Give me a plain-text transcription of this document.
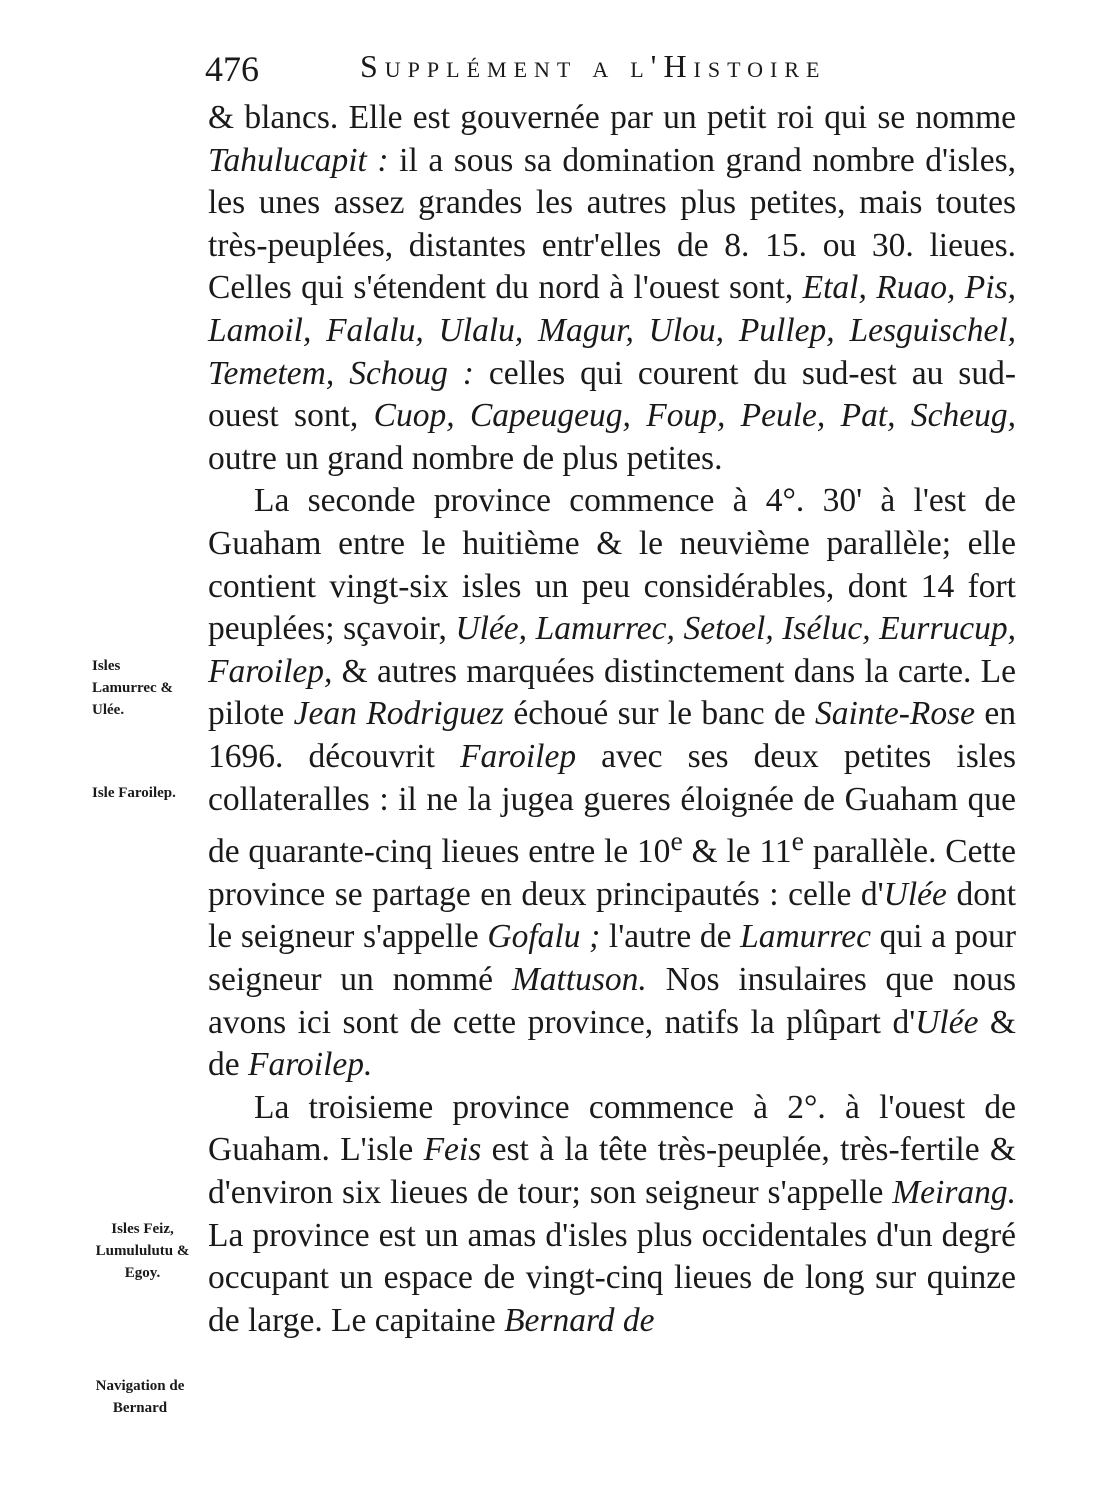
476	Supplément a l'Histoire
Isles Lamurrec & Ulée.
Isle Faroilep.
Isles Feiz, Lumululutu & Egoy.
Navigation de Bernard

& blancs. Elle est gouvernée par un petit roi qui se nomme Tahulucapit : il a sous sa domination grand nombre d'isles, les unes assez grandes les autres plus petites, mais toutes très-peuplées, distantes entr'elles de 8. 15. ou 30. lieues. Celles qui s'étendent du nord à l'ouest sont, Etal, Ruao, Pis, Lamoil, Falalu, Ulalu, Magur, Ulou, Pullep, Lesguischel, Temetem, Schoug : celles qui courent du sud-est au sud-ouest sont, Cuop, Capeugeug, Foup, Peule, Pat, Scheug, outre un grand nombre de plus petites.

La seconde province commence à 4°. 30' à l'est de Guaham entre le huitième & le neuvième parallèle; elle contient vingt-six isles un peu considérables, dont 14 fort peuplées; sçavoir, Ulée, Lamurrec, Setoel, Iséluc, Eurrucup, Faroilep, & autres marquées distinctement dans la carte. Le pilote Jean Rodriguez échoué sur le banc de Sainte-Rose en 1696. découvrit Faroilep avec ses deux petites isles collateralles : il ne la jugea gueres éloignée de Guaham que de quarante-cinq lieues entre le 10e & le 11e parallèle. Cette province se partage en deux principautés : celle d'Ulée dont le seigneur s'appelle Gofalu ; l'autre de Lamurrec qui a pour seigneur un nommé Mattuson. Nos insulaires que nous avons ici sont de cette province, natifs la plûpart d'Ulée & de Faroilep.

La troisieme province commence à 2°. à l'ouest de Guaham. L'isle Feis est à la tête très-peuplée, très-fertile & d'environ six lieues de tour; son seigneur s'appelle Meirang. La province est un amas d'isles plus occidentales d'un degré occupant un espace de vingt-cinq lieues de long sur quinze de large. Le capitaine Bernard de
